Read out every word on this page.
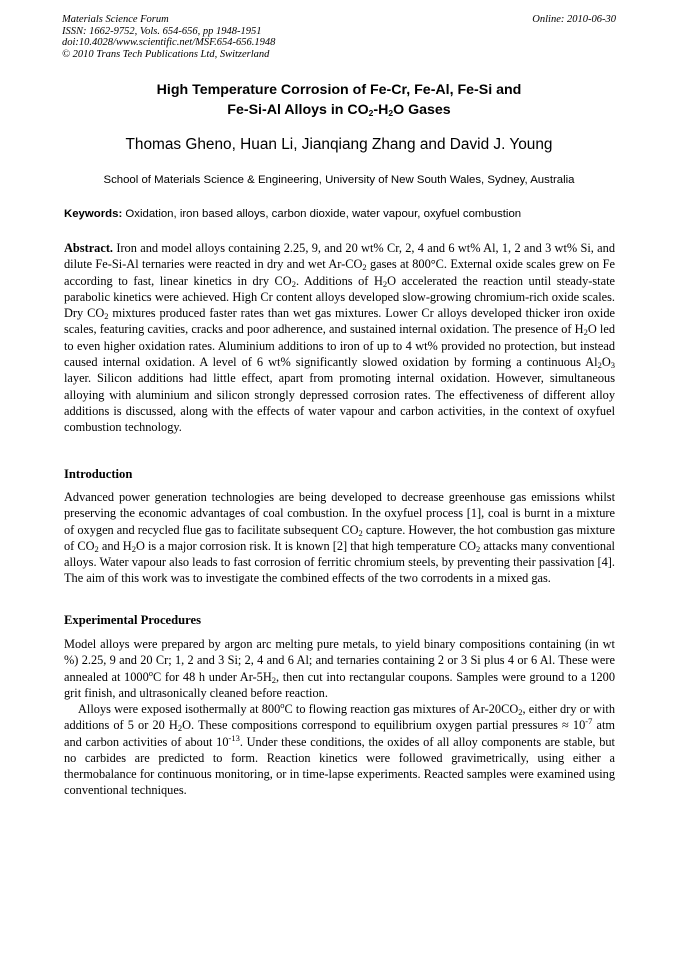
Materials Science Forum
ISSN: 1662-9752, Vols. 654-656, pp 1948-1951
doi:10.4028/www.scientific.net/MSF.654-656.1948
© 2010 Trans Tech Publications Ltd, Switzerland
Online: 2010-06-30
High Temperature Corrosion of Fe-Cr, Fe-Al, Fe-Si and
Fe-Si-Al Alloys in $CO_2-H_2O$ Gases
Thomas Gheno, Huan Li, Jianqiang Zhang and David J. Young
School of Materials Science & Engineering, University of New South Wales, Sydney, Australia
Keywords: Oxidation, iron based alloys, carbon dioxide, water vapour, oxyfuel combustion
Abstract. Iron and model alloys containing 2.25, 9, and 20 wt% Cr, 2, 4 and 6 wt% Al, 1, 2 and 3 wt% Si, and dilute Fe-Si-Al ternaries were reacted in dry and wet $Ar-CO_2$ gases at 800°C. External oxide scales grew on Fe according to fast, linear kinetics in dry $CO_2$. Additions of $H_2O$ accelerated the reaction until steady-state parabolic kinetics were achieved. High Cr content alloys developed slow-growing chromium-rich oxide scales. Dry $CO_2$ mixtures produced faster rates than wet gas mixtures. Lower Cr alloys developed thicker iron oxide scales, featuring cavities, cracks and poor adherence, and sustained internal oxidation. The presence of $H_2O$ led to even higher oxidation rates. Aluminium additions to iron of up to 4 wt% provided no protection, but instead caused internal oxidation. A level of 6 wt% significantly slowed oxidation by forming a continuous $Al_2O_3$ layer. Silicon additions had little effect, apart from promoting internal oxidation. However, simultaneous alloying with aluminium and silicon strongly depressed corrosion rates. The effectiveness of different alloy additions is discussed, along with the effects of water vapour and carbon activities, in the context of oxyfuel combustion technology.
Introduction
Advanced power generation technologies are being developed to decrease greenhouse gas emissions whilst preserving the economic advantages of coal combustion. In the oxyfuel process [1], coal is burnt in a mixture of oxygen and recycled flue gas to facilitate subsequent $CO_2$ capture. However, the hot combustion gas mixture of $CO_2$ and $H_2O$ is a major corrosion risk. It is known [2] that high temperature $CO_2$ attacks many conventional alloys. Water vapour also leads to fast corrosion of ferritic chromium steels, by preventing their passivation [4]. The aim of this work was to investigate the combined effects of the two corrodents in a mixed gas.
Experimental Procedures
Model alloys were prepared by argon arc melting pure metals, to yield binary compositions containing (in wt %) 2.25, 9 and 20 Cr; 1, 2 and 3 Si; 2, 4 and 6 Al; and ternaries containing 2 or 3 Si plus 4 or 6 Al. These were annealed at 1000$^o$C for 48 h under $Ar-5H_2$, then cut into rectangular coupons. Samples were ground to a 1200 grit finish, and ultrasonically cleaned before reaction.
Alloys were exposed isothermally at 800$^o$C to flowing reaction gas mixtures of $Ar-20CO_2$, either dry or with additions of 5 or 20 $H_2O$. These compositions correspond to equilibrium oxygen partial pressures ≈ $10^{-7}$ atm and carbon activities of about $10^{-13}$. Under these conditions, the oxides of all alloy components are stable, but no carbides are predicted to form. Reaction kinetics were followed gravimetrically, using either a thermobalance for continuous monitoring, or in time-lapse experiments. Reacted samples were examined using conventional techniques.
